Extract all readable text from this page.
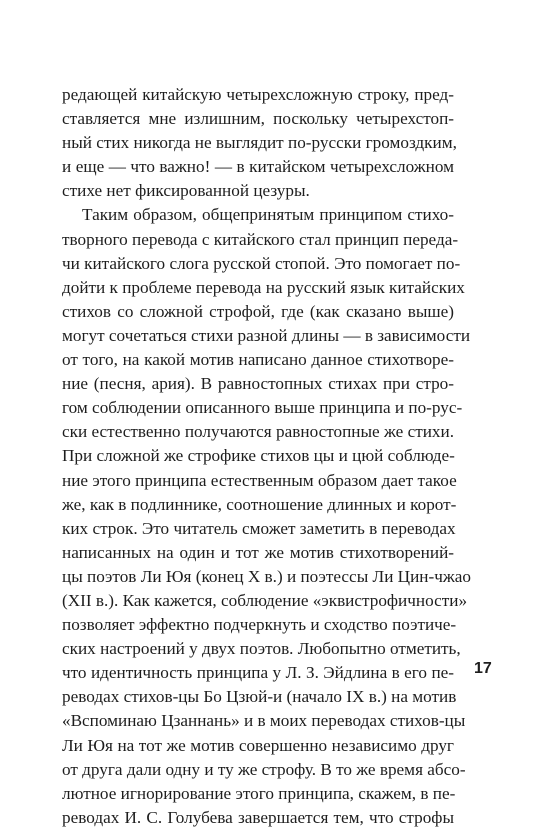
редающей китайскую четырехсложную строку, пред-
ставляется мне излишним, поскольку четырехстоп-
ный стих никогда не выглядит по-русски громоздким,
и еще — что важно! — в китайском четырехсложном
стихе нет фиксированной цезуры.
Таким образом, общепринятым принципом стихо-
творного перевода с китайского стал принцип переда-
чи китайского слога русской стопой. Это помогает по-
дойти к проблеме перевода на русский язык китайских
стихов со сложной строфой, где (как сказано выше)
могут сочетаться стихи разной длины — в зависимости
от того, на какой мотив написано данное стихотворе-
ние (песня, ария). В равностопных стихах при стро-
гом соблюдении описанного выше принципа и по-рус-
ски естественно получаются равностопные же стихи.
При сложной же строфике стихов цы и цюй соблюде-
ние этого принципа естественным образом дает такое
же, как в подлиннике, соотношение длинных и корот-
ких строк. Это читатель сможет заметить в переводах
написанных на один и тот же мотив стихотворений-
цы поэтов Ли Юя (конец X в.) и поэтессы Ли Цин-чжао
(XII в.). Как кажется, соблюдение «эквистрофичности»
позволяет эффектно подчеркнуть и сходство поэтиче-
ских настроений у двух поэтов. Любопытно отметить,
что идентичность принципа у Л. З. Эйдлина в его пе-
реводах стихов-цы Бо Цзюй-и (начало IX в.) на мотив
«Вспоминаю Цзаннань» и в моих переводах стихов-цы
Ли Юя на тот же мотив совершенно независимо друг
от друга дали одну и ту же строфу. В то же время абсо-
лютное игнорирование этого принципа, скажем, в пе-
реводах И. С. Голубева завершается тем, что строфы
17
